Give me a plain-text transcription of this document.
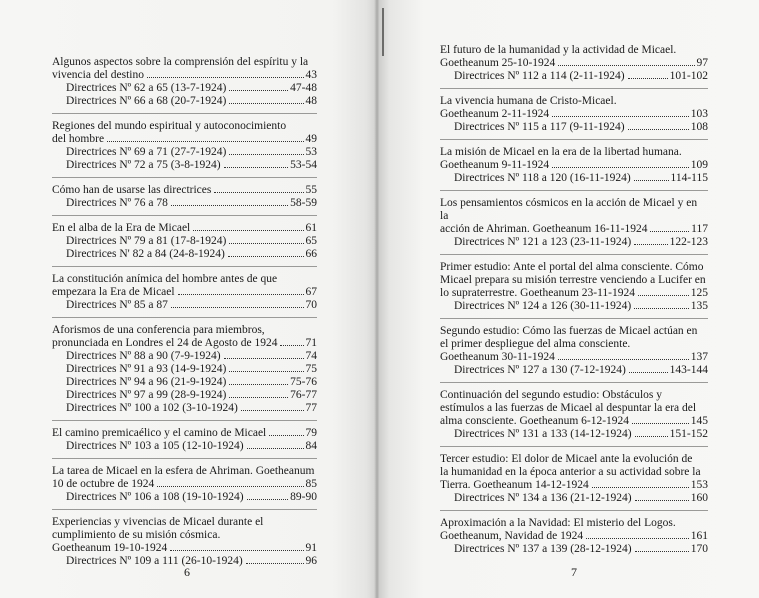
Algunos aspectos sobre la comprensión del espíritu y la
vivencia del destino	43
Directrices Nº 62 a 65 (13-7-1924)	47-48
Directrices Nº 66 a 68 (20-7-1924)	48
Regiones del mundo espiritual y autoconocimiento
del hombre	49
Directrices Nº 69 a 71 (27-7-1924)	53
Directrices Nº 72 a 75 (3-8-1924)	53-54
Cómo han de usarse las directrices	55
Directrices Nº 76 a 78	58-59
En el alba de la Era de Micael	61
Directrices Nº 79 a 81 (17-8-1924)	65
Directrices N' 82 a 84 (24-8-1924)	66
La constitución anímica del hombre antes de que
empezara la Era de Micael	67
Directrices Nº 85 a 87	70
Aforismos de una conferencia para miembros,
pronunciada en Londres el 24 de Agosto de 1924 71
Directrices Nº 88 a 90 (7-9-1924)	74
Directrices Nº 91 a 93 (14-9-1924)	75
Directrices Nº 94 a 96 (21-9-1924)	75-76
Directrices Nº 97 a 99 (28-9-1924)	76-77
Directrices Nº 100 a 102 (3-10-1924)	77
El camino premicaélico y el camino de Micael	79
Directrices Nº 103 a 105 (12-10-1924)	84
La tarea de Micael en la esfera de Ahriman. Goetheanum
10 de octubre de 1924	85
Directrices Nº 106 a 108 (19-10-1924)	89-90
Experiencias y vivencias de Micael durante el
cumplimiento de su misión cósmica.
Goetheanum 19-10-1924	91
Directrices Nº 109 a 111 (26-10-1924)	96
El futuro de la humanidad y la actividad de Micael.
Goetheanum 25-10-1924	97
Directrices Nº 112 a 114 (2-11-1924)	101-102
La vivencia humana de Cristo-Micael.
Goetheanum 2-11-1924	103
Directrices Nº 115 a 117 (9-11-1924)	108
La misión de Micael en la era de la libertad humana.
Goetheanum 9-11-1924	109
Directrices Nº 118 a 120 (16-11-1924)	114-115
Los pensamientos cósmicos en la acción de Micael y en la
acción de Ahriman. Goetheanum 16-11-1924	117
Directrices Nº 121 a 123 (23-11-1924)	122-123
Primer estudio: Ante el portal del alma consciente. Cómo
Micael prepara su misión terrestre venciendo a Lucifer en
lo supraterrestre. Goetheanum 23-11-1924	125
Directrices Nº 124 a 126 (30-11-1924)	135
Segundo estudio: Cómo las fuerzas de Micael actúan en
el primer despliegue del alma consciente.
Goetheanum 30-11-1924	137
Directrices Nº 127 a 130 (7-12-1924)	143-144
Continuación del segundo estudio: Obstáculos y
estímulos a las fuerzas de Micael al despuntar la era del
alma consciente. Goetheanum 6-12-1924	145
Directrices Nº 131 a 133 (14-12-1924)	151-152
Tercer estudio: El dolor de Micael ante la evolución de
la humanidad en la época anterior a su actividad sobre la
Tierra. Goetheanum 14-12-1924	153
Directrices Nº 134 a 136 (21-12-1924)	160
Aproximación a la Navidad: El misterio del Logos.
Goetheanum, Navidad de 1924	161
Directrices Nº 137 a 139 (28-12-1924)	170
6	7
